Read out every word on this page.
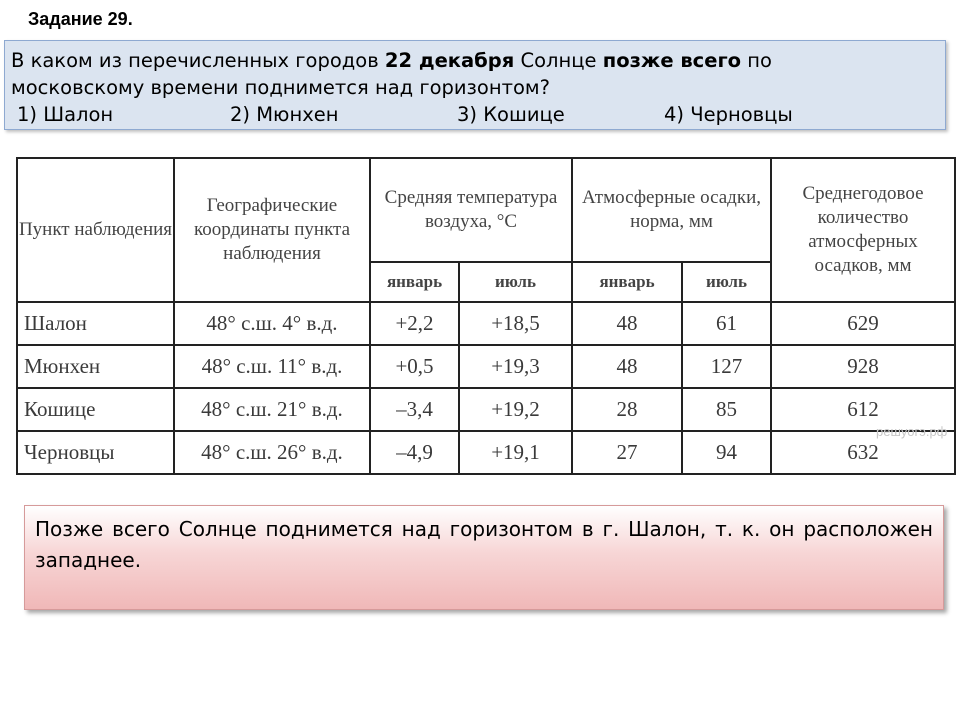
Задание 29.
В каком из перечисленных городов 22 декабря Солнце позже всего по
московскому времени поднимется над горизонтом?
1) Шалон	2) Мюнхен	3) Кошице	4) Черновцы
Пункт наблюдения	Географические координаты пункта наблюдения	Средняя температура воздуха, °С		Атмосферные осадки, норма, мм		Среднегодовое количество атмосферных осадков, мм
		январь	июль	январь	июль	
Шалон	48° с.ш. 4° в.д.	+2,2	+18,5	48	61	629
Мюнхен	48° с.ш. 11° в.д.	+0,5	+19,3	48	127	928
Кошице	48° с.ш. 21° в.д.	–3,4	+19,2	28	85	612
Черновцы	48° с.ш. 26° в.д.	–4,9	+19,1	27	94	632
решуогэ.рф
Позже всего Солнце поднимется над горизонтом в г. Шалон, т. к. он расположен западнее.
